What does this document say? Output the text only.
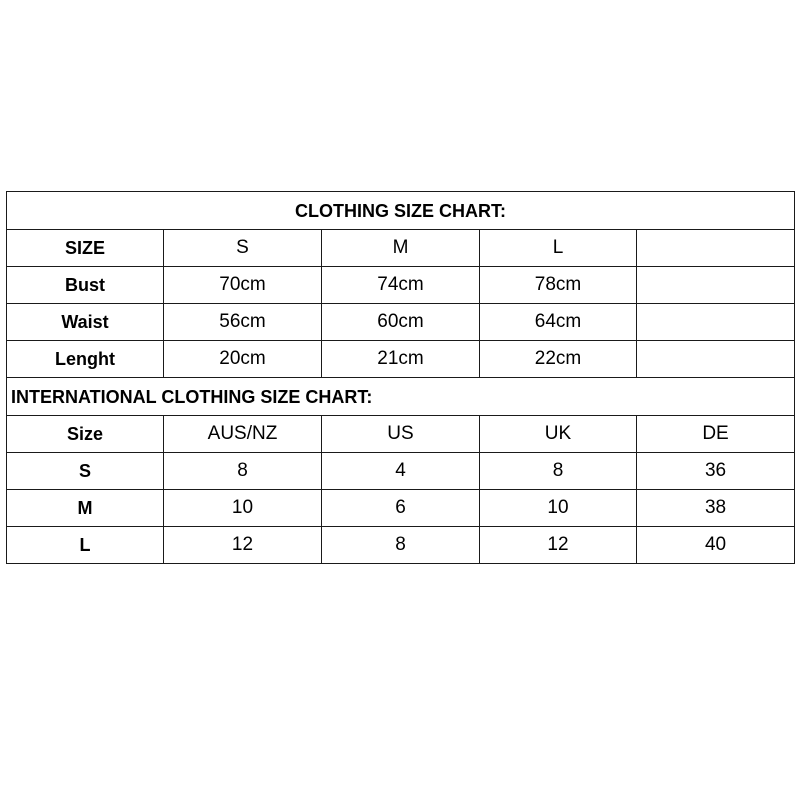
CLOTHING SIZE CHART:				
SIZE	S	M	L	
Bust	70cm	74cm	78cm	
Waist	56cm	60cm	64cm	
Lenght	20cm	21cm	22cm	
INTERNATIONAL CLOTHING SIZE CHART:				
Size	AUS/NZ	US	UK	DE
S	8	4	8	36
M	10	6	10	38
L	12	8	12	40
